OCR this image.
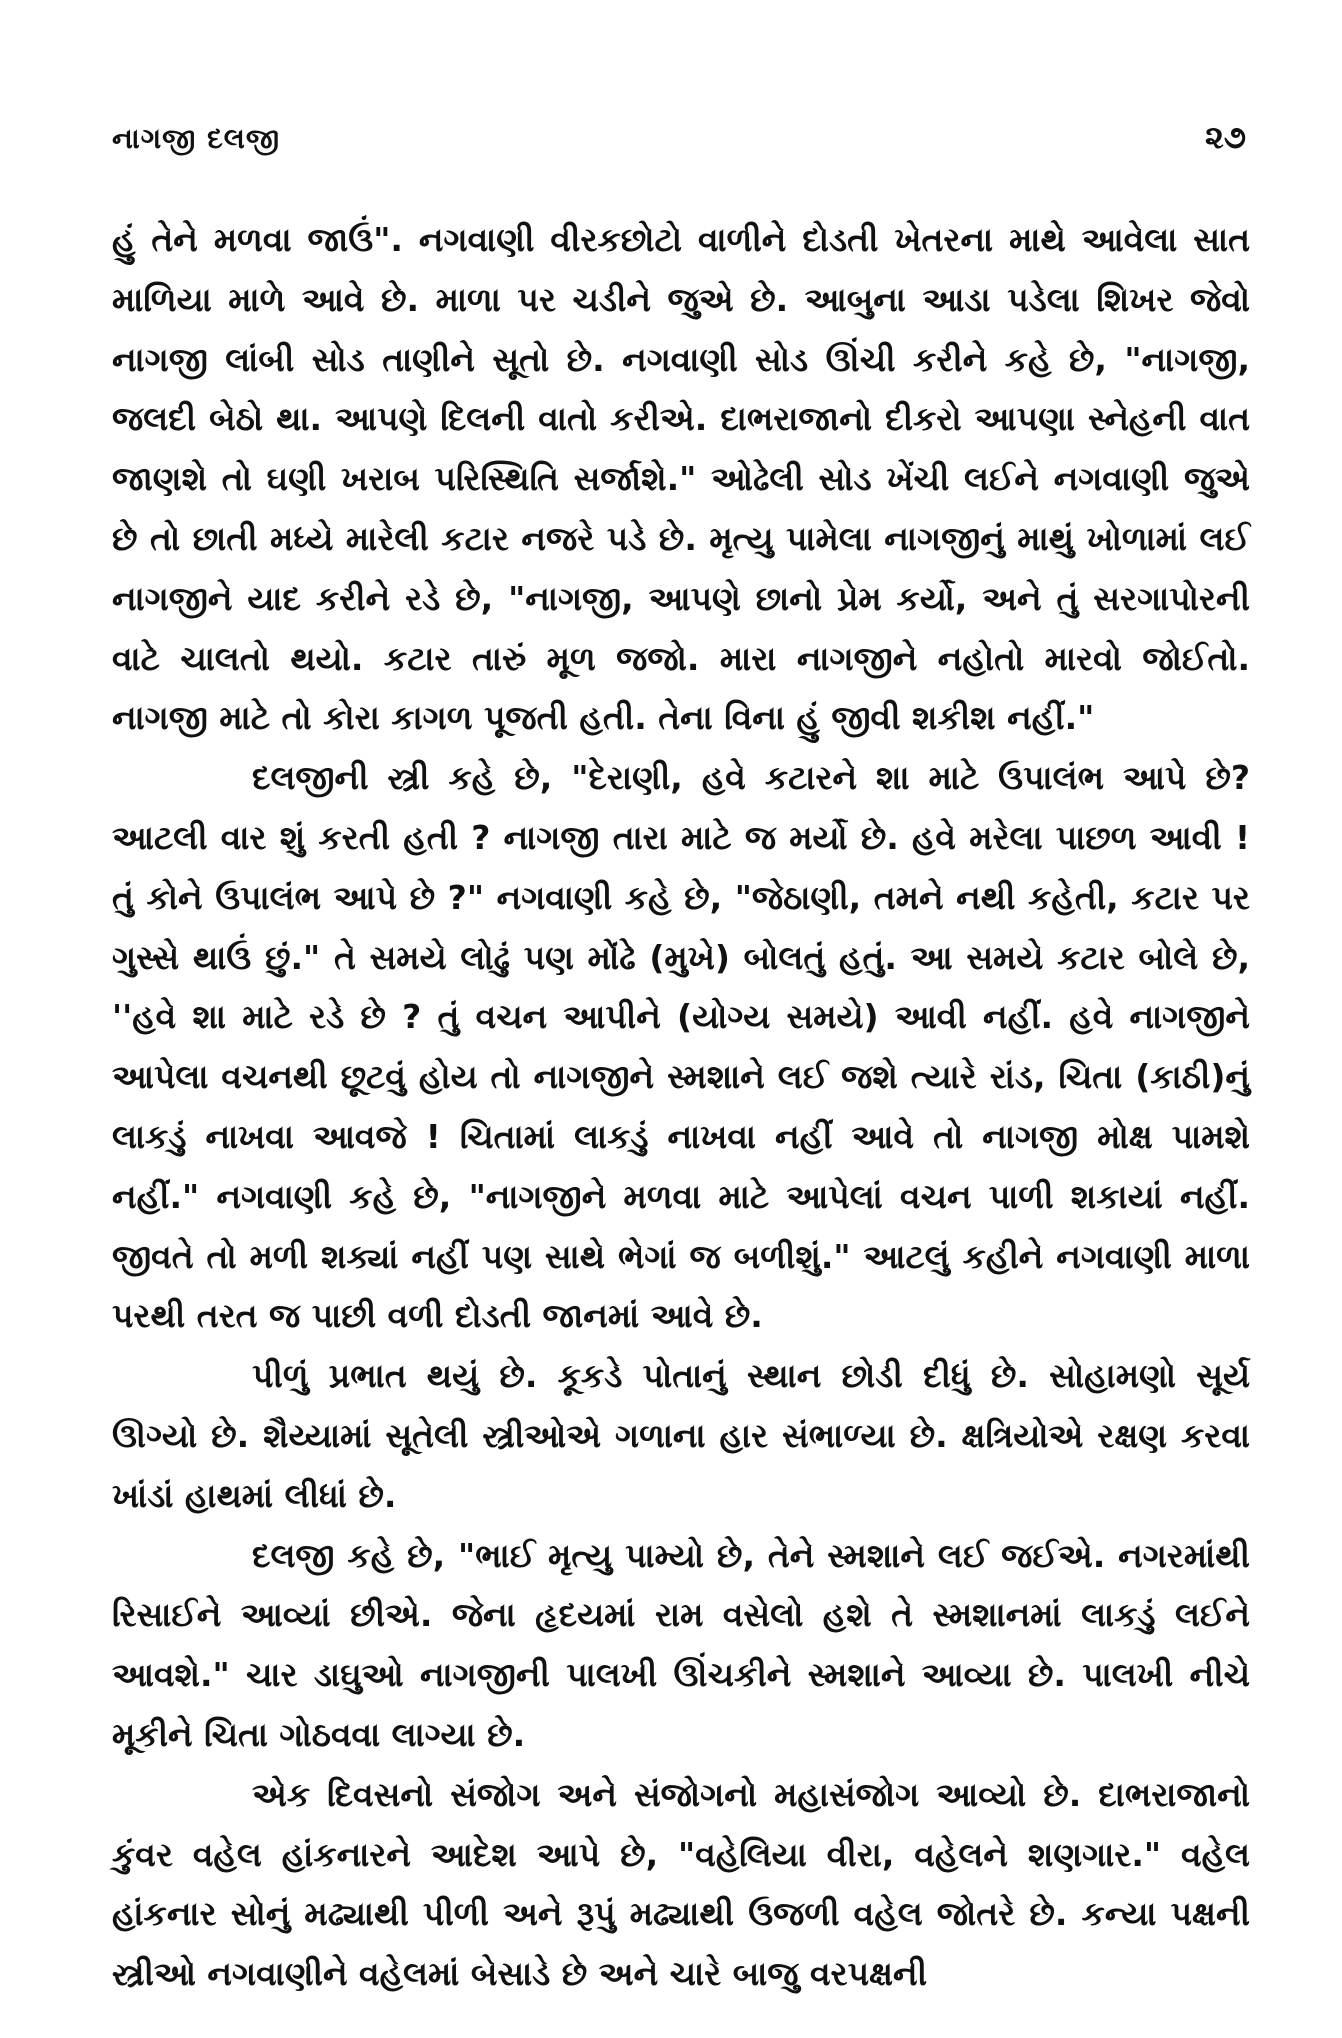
નાગજી દલજી	૨૭

હું તેને મળવા જાઉં". નગવાણી વીરકછોટો વાળીને દોડતી ખેતરના માથે આવેલા સાત માળિયા માળે આવે છે. માળા પર ચડીને જુએ છે. આબુના આડા પડેલા શિખર જેવો નાગજી લાંબી સોડ તાણીને સૂતો છે. નગવાણી સોડ ઊંચી કરીને કહે છે, "નાગજી, જલદી બેઠો થા. આપણે દિલની વાતો કરીએ. દાભરાજાનો દીકરો આપણા સ્નેહની વાત જાણશે તો ઘણી ખરાબ પરિસ્થિતિ સર્જાશે." ઓઢેલી સોડ ખેંચી લઈને નગવાણી જુએ છે તો છાતી મધ્યે મારેલી કટાર નજરે પડે છે. મૃત્યુ પામેલા નાગજીનું માથું ખોળામાં લઈ નાગજીને યાદ કરીને રડે છે, "નાગજી, આપણે છાનો પ્રેમ કર્યો, અને તું સરગાપોરની વાટે ચાલતો થયો. કટાર તારું મૂળ જજો. મારા નાગજીને નહોતો મારવો જોઈતો. નાગજી માટે તો કોરા કાગળ પૂજતી હતી. તેના વિના હું જીવી શકીશ નહીં."

દલજીની સ્ત્રી કહે છે, "દેરાણી, હવે કટારને શા માટે ઉપાલંભ આપે છે? આટલી વાર શું કરતી હતી ? નાગજી તારા માટે જ મર્યો છે. હવે મરેલા પાછળ આવી ! તું કોને ઉપાલંભ આપે છે ?" નગવાણી કહે છે, "જેઠાણી, તમને નથી કહેતી, કટાર પર ગુસ્સે થાઉં છું." તે સમયે લોઢું પણ મોંઢે (મુખે) બોલતું હતું. આ સમયે કટાર બોલે છે, ''હવે શા માટે રડે છે ? તું વચન આપીને (યોગ્ય સમયે) આવી નહીં. હવે નાગજીને આપેલા વચનથી છૂટવું હોય તો નાગજીને સ્મશાને લઈ જશે ત્યારે રાંડ, ચિતા (કાઠી)નું લાકડું નાખવા આવજે ! ચિતામાં લાકડું નાખવા નહીં આવે તો નાગજી મોક્ષ પામશે નહીં." નગવાણી કહે છે, "નાગજીને મળવા માટે આપેલાં વચન પાળી શકાયાં નહીં. જીવતે તો મળી શક્યાં નહીં પણ સાથે ભેગાં જ બળીશું." આટલું કહીને નગવાણી માળા પરથી તરત જ પાછી વળી દોડતી જાનમાં આવે છે.

પીળું પ્રભાત થયું છે. કૂકડે પોતાનું સ્થાન છોડી દીધું છે. સોહામણો સૂર્ય ઊગ્યો છે. શૈય્યામાં સૂતેલી સ્ત્રીઓએ ગળાના હાર સંભાળ્યા છે. ક્ષત્રિયોએ રક્ષણ કરવા ખાંડાં હાથમાં લીધાં છે.

દલજી કહે છે, "ભાઈ મૃત્યુ પામ્યો છે, તેને સ્મશાને લઈ જઈએ. નગરમાંથી રિસાઈને આવ્યાં છીએ. જેના હૃદયમાં રામ વસેલો હશે તે સ્મશાનમાં લાકડું લઈને આવશે." ચાર ડાઘુઓ નાગજીની પાલખી ઊંચકીને સ્મશાને આવ્યા છે. પાલખી નીચે મૂકીને ચિતા ગોઠવવા લાગ્યા છે.

એક દિવસનો સંજોગ અને સંજોગનો મહાસંજોગ આવ્યો છે. દાભરાજાનો કુંવર વહેલ હાંકનારને આદેશ આપે છે, "વહેલિયા વીરા, વહેલને શણગાર." વહેલ હાંકનાર સોનું મઢ્યાથી પીળી અને રૂપું મઢ્યાથી ઉજળી વહેલ જોતરે છે. કન્યા પક્ષની સ્ત્રીઓ નગવાણીને વહેલમાં બેસાડે છે અને ચારે બાજુ વરપક્ષની
